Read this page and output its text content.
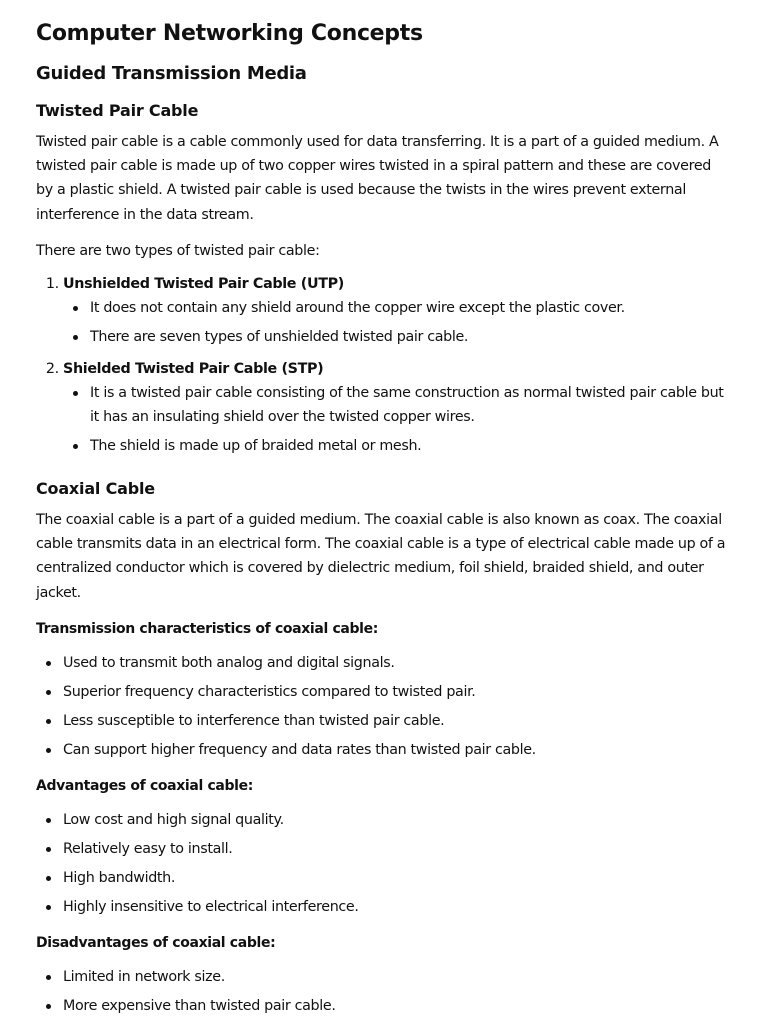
Computer Networking Concepts
Guided Transmission Media
Twisted Pair Cable

Twisted pair cable is a cable commonly used for data transferring. It is a part of a guided medium. A twisted pair cable is made up of two copper wires twisted in a spiral pattern and these are covered by a plastic shield. A twisted pair cable is used because the twists in the wires prevent external interference in the data stream.

There are two types of twisted pair cable:

1. Unshielded Twisted Pair Cable (UTP)
It does not contain any shield around the copper wire except the plastic cover.
There are seven types of unshielded twisted pair cable.
2. Shielded Twisted Pair Cable (STP)
It is a twisted pair cable consisting of the same construction as normal twisted pair cable but it has an insulating shield over the twisted copper wires.
The shield is made up of braided metal or mesh.
Coaxial Cable

The coaxial cable is a part of a guided medium. The coaxial cable is also known as coax. The coaxial cable transmits data in an electrical form. The coaxial cable is a type of electrical cable made up of a centralized conductor which is covered by dielectric medium, foil shield, braided shield, and outer jacket.

Transmission characteristics of coaxial cable:

Used to transmit both analog and digital signals.
Superior frequency characteristics compared to twisted pair.
Less susceptible to interference than twisted pair cable.
Can support higher frequency and data rates than twisted pair cable.

Advantages of coaxial cable:

Low cost and high signal quality.
Relatively easy to install.
High bandwidth.
Highly insensitive to electrical interference.

Disadvantages of coaxial cable:

Limited in network size.
More expensive than twisted pair cable.
